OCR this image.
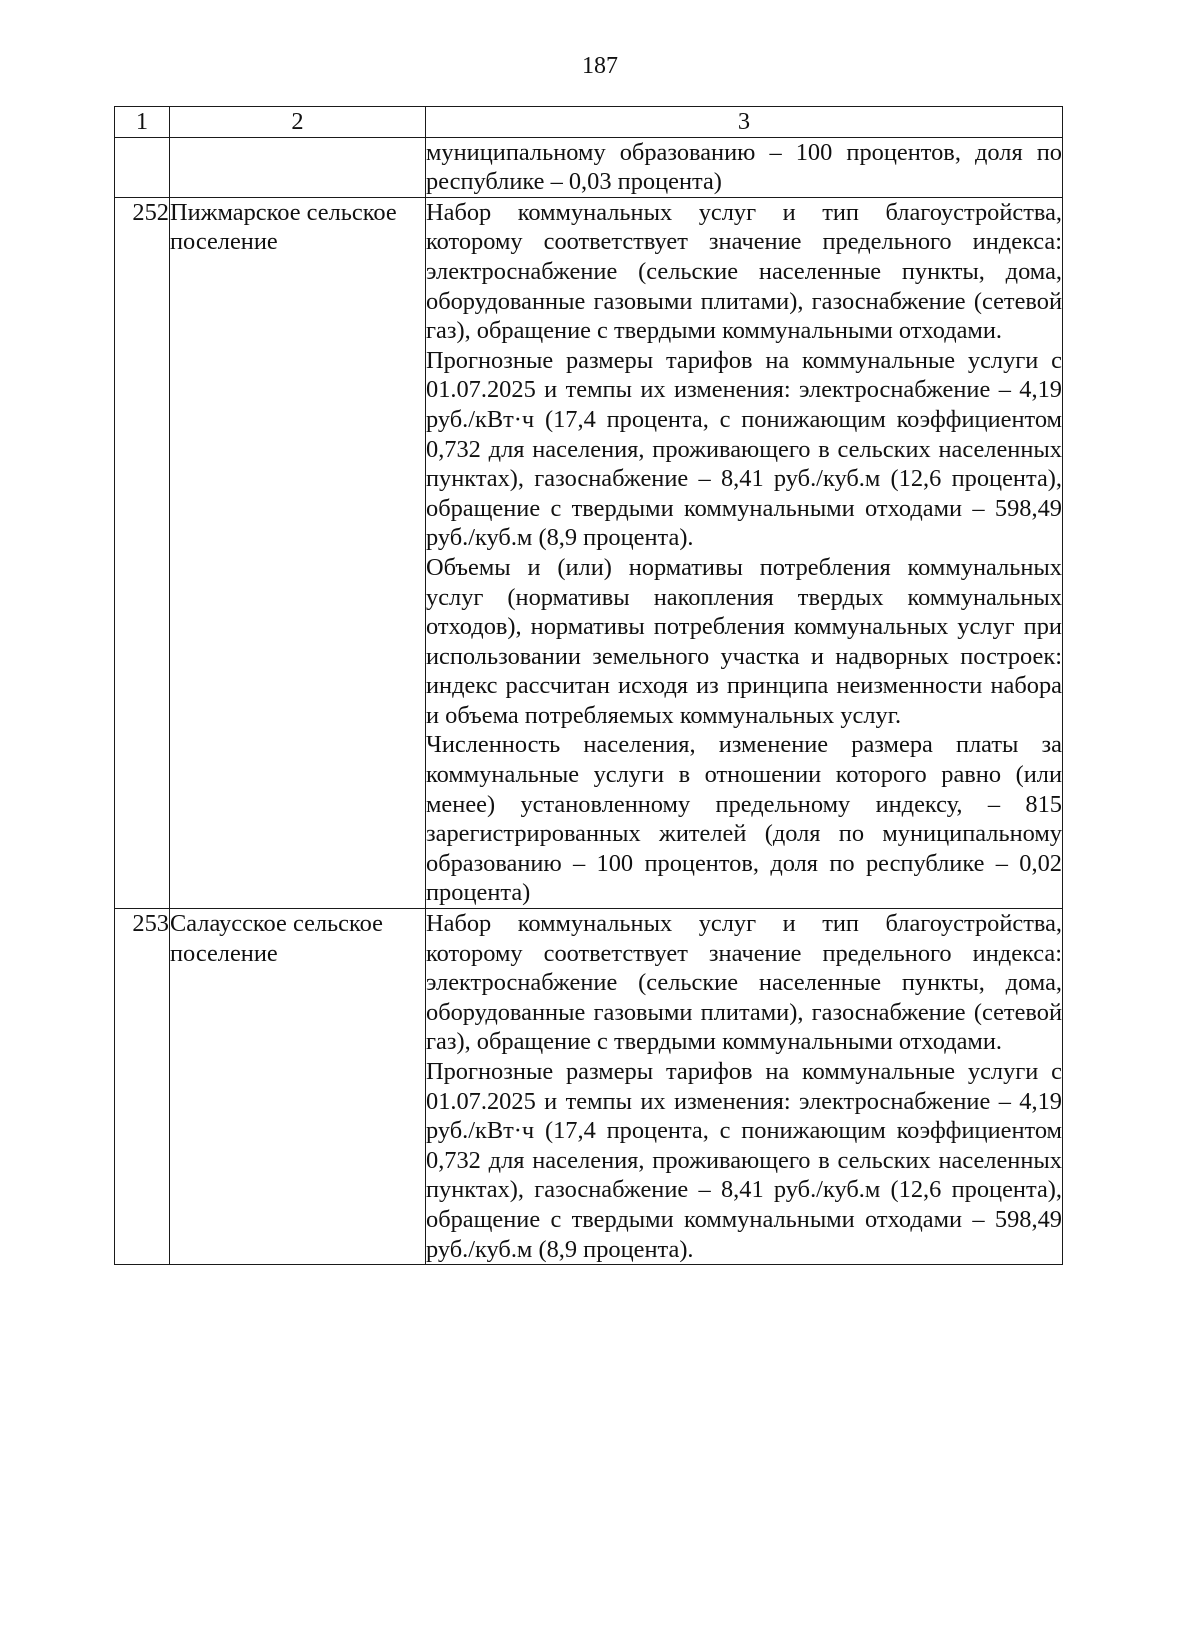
187
1	2	3

		муниципальному образованию – 100 процентов, доля по республике – 0,03 процента)

252	Пижмарское сельское поселение	Набор коммунальных услуг и тип благоустройства, которому соответствует значение предельного индекса: электроснабжение (сельские населенные пункты, дома, оборудованные газовыми плитами), газоснабжение (сетевой газ), обращение с твердыми коммунальными отходами.
Прогнозные размеры тарифов на коммунальные услуги с 01.07.2025 и темпы их изменения: электроснабжение – 4,19 руб./кВт·ч (17,4 процента, с понижающим коэффициентом 0,732 для населения, проживающего в сельских населенных пунктах), газоснабжение – 8,41 руб./куб.м (12,6 процента), обращение с твердыми коммунальными отходами – 598,49 руб./куб.м (8,9 процента).
Объемы и (или) нормативы потребления коммунальных услуг (нормативы накопления твердых коммунальных отходов), нормативы потребления коммунальных услуг при использовании земельного участка и надворных построек: индекс рассчитан исходя из принципа неизменности набора и объема потребляемых коммунальных услуг.
Численность населения, изменение размера платы за коммунальные услуги в отношении которого равно (или менее) установленному предельному индексу, – 815 зарегистрированных жителей (доля по муниципальному образованию – 100 процентов, доля по республике – 0,02 процента)

253	Салаусское сельское поселение	Набор коммунальных услуг и тип благоустройства, которому соответствует значение предельного индекса: электроснабжение (сельские населенные пункты, дома, оборудованные газовыми плитами), газоснабжение (сетевой газ), обращение с твердыми коммунальными отходами.
Прогнозные размеры тарифов на коммунальные услуги с 01.07.2025 и темпы их изменения: электроснабжение – 4,19 руб./кВт·ч (17,4 процента, с понижающим коэффициентом 0,732 для населения, проживающего в сельских населенных пунктах), газоснабжение – 8,41 руб./куб.м (12,6 процента), обращение с твердыми коммунальными отходами – 598,49 руб./куб.м (8,9 процента).
